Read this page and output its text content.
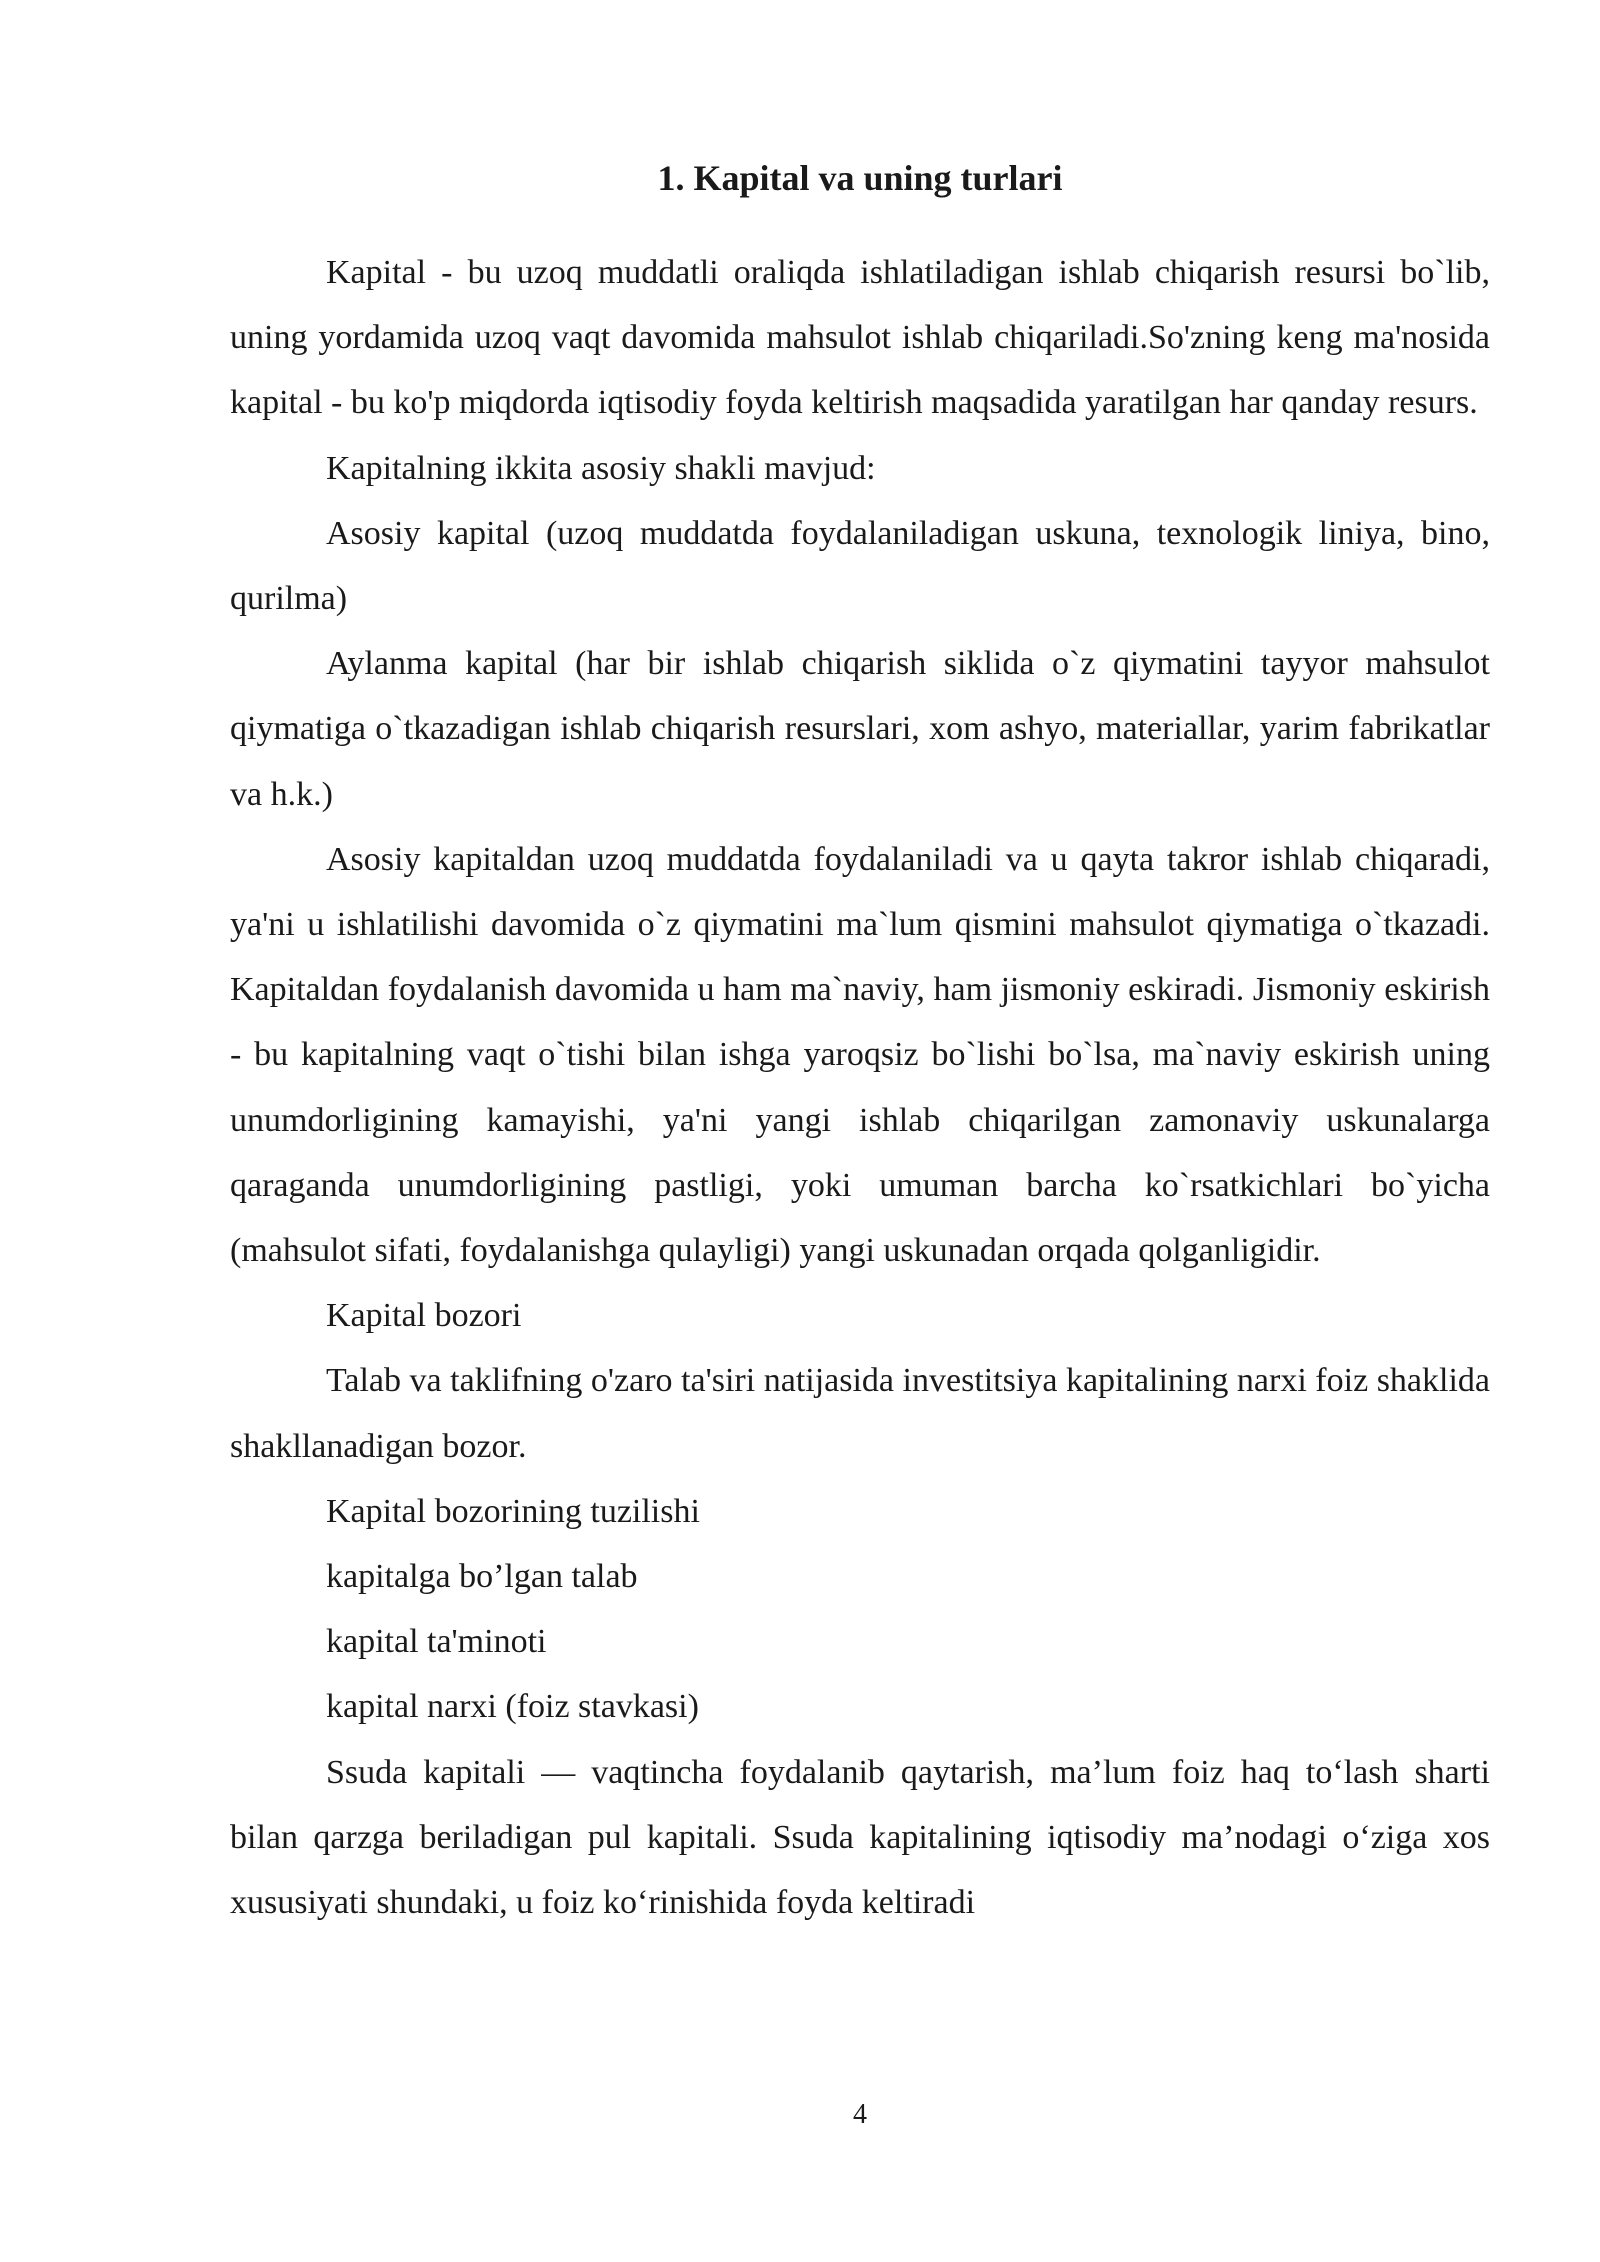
1. Kapital va uning turlari

Kapital - bu uzoq muddatli oraliqda ishlatiladigan ishlab chiqarish resursi bo`lib, uning yordamida uzoq vaqt davomida mahsulot ishlab chiqariladi.So'zning keng ma'nosida kapital - bu ko'p miqdorda iqtisodiy foyda keltirish maqsadida yaratilgan har qanday resurs.

Kapitalning ikkita asosiy shakli mavjud:

Asosiy kapital (uzoq muddatda foydalaniladigan uskuna, texnologik liniya, bino, qurilma)

Aylanma kapital (har bir ishlab chiqarish siklida o`z qiymatini tayyor mahsulot qiymatiga o`tkazadigan ishlab chiqarish resurslari, xom ashyo, materiallar, yarim fabrikatlar va h.k.)

Asosiy kapitaldan uzoq muddatda foydalaniladi va u qayta takror ishlab chiqaradi, ya'ni u ishlatilishi davomida o`z qiymatini ma`lum qismini mahsulot qiymatiga o`tkazadi. Kapitaldan foydalanish davomida u ham ma`naviy, ham jismoniy eskiradi. Jismoniy eskirish - bu kapitalning vaqt o`tishi bilan ishga yaroqsiz bo`lishi bo`lsa, ma`naviy eskirish uning unumdorligining kamayishi, ya'ni yangi ishlab chiqarilgan zamonaviy uskunalarga qaraganda unumdorligining pastligi, yoki umuman barcha ko`rsatkichlari bo`yicha (mahsulot sifati, foydalanishga qulayligi) yangi uskunadan orqada qolganligidir.

Kapital bozori

Talab va taklifning o'zaro ta'siri natijasida investitsiya kapitalining narxi foiz shaklida shakllanadigan bozor.

Kapital bozorining tuzilishi

kapitalga bo’lgan talab

kapital ta'minoti

kapital narxi (foiz stavkasi)

Ssuda kapitali — vaqtincha foydalanib qaytarish, ma’lum foiz haq to‘lash sharti bilan qarzga beriladigan pul kapitali. Ssuda kapitalining iqtisodiy ma’nodagi o‘ziga xos xususiyati shundaki, u foiz ko‘rinishida foyda keltiradi

4
